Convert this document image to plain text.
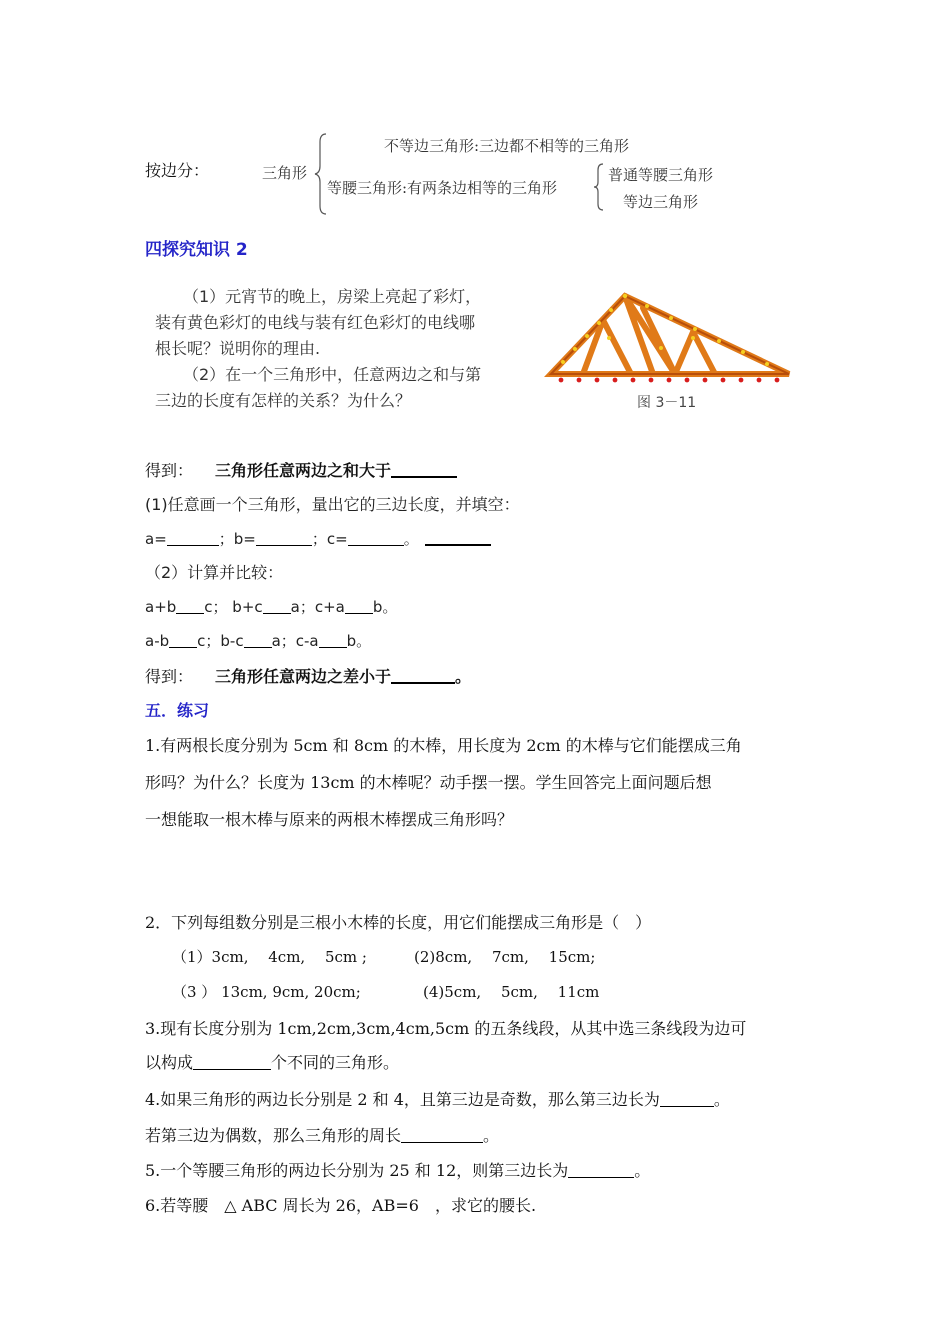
按边分：	三角形
不等边三角形:三边都不相等的三角形
等腰三角形:有两条边相等的三角形
普通等腰三角形
等边三角形
四探究知识 2
（1）元宵节的晚上，房梁上亮起了彩灯，
装有黄色彩灯的电线与装有红色彩灯的电线哪
根长呢？说明你的理由.
（2）在一个三角形中，任意两边之和与第
三边的长度有怎样的关系？为什么？	图 3－11
得到： 三角形任意两边之和大于
(1)任意画一个三角形，量出它的三边长度，并填空：
a=	；b=	；c=	。
（2）计算并比较：
a+b c； b+c a；c+a b。
a-b c；b-c a；c-a b。
得到： 三角形任意两边之差小于	。
五．练习
1.有两根长度分别为 5cm 和 8cm 的木棒，用长度为 2cm 的木棒与它们能摆成三角
形吗？为什么？长度为 13cm 的木棒呢？动手摆一摆。学生回答完上面问题后想
一想能取一根木棒与原来的两根木棒摆成三角形吗？
2．下列每组数分别是三根小木棒的长度，用它们能摆成三角形是（　）
（1）3cm,　 4cm,　 5cm ;	(2)8cm,　 7cm,　 15cm;
（3 ） 13cm, 9cm, 20cm;	(4)5cm,　 5cm,　 11cm
3.现有长度分别为 1cm,2cm,3cm,4cm,5cm 的五条线段，从其中选三条线段为边可
以构成	个不同的三角形。
4.如果三角形的两边长分别是 2 和 4，且第三边是奇数，那么第三边长为	。
若第三边为偶数，那么三角形的周长	。
5.一个等腰三角形的两边长分别为 25 和 12，则第三边长为	。
6.若等腰　△ ABC 周长为 26，AB=6　，求它的腰长.
